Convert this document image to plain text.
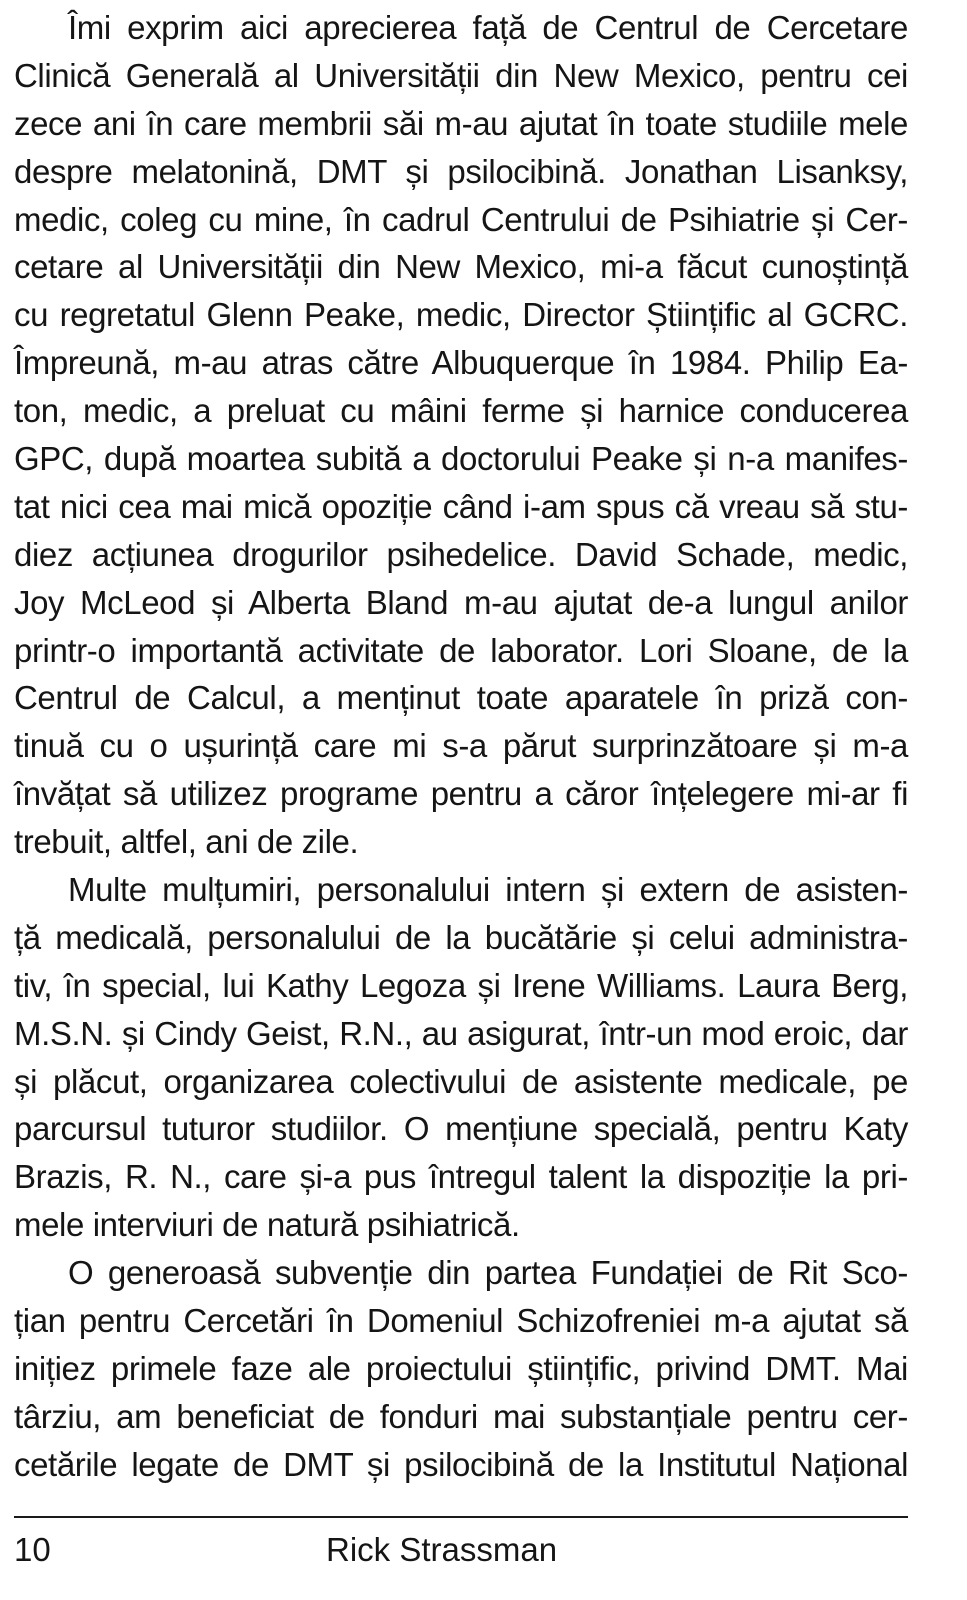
Îmi exprim aici aprecierea față de Centrul de Cercetare
Clinică Generală al Universității din New Mexico, pentru cei
zece ani în care membrii săi m-au ajutat în toate studiile mele
despre melatonină, DMT și psilocibină. Jonathan Lisanksy,
medic, coleg cu mine, în cadrul Centrului de Psihiatrie și Cer-
cetare al Universității din New Mexico, mi-a făcut cunoștință
cu regretatul Glenn Peake, medic, Director Științific al GCRC.
Împreună, m-au atras către Albuquerque în 1984. Philip Ea-
ton, medic, a preluat cu mâini ferme și harnice conducerea
GPC, după moartea subită a doctorului Peake și n-a manifes-
tat nici cea mai mică opoziție când i-am spus că vreau să stu-
diez acțiunea drogurilor psihedelice. David Schade, medic,
Joy McLeod și Alberta Bland m-au ajutat de-a lungul anilor
printr-o importantă activitate de laborator. Lori Sloane, de la
Centrul de Calcul, a menținut toate aparatele în priză con-
tinuă cu o ușurință care mi s-a părut surprinzătoare și m-a
învățat să utilizez programe pentru a căror înțelegere mi-ar fi
trebuit, altfel, ani de zile.
Multe mulțumiri, personalului intern și extern de asisten-
ță medicală, personalului de la bucătărie și celui administra-
tiv, în special, lui Kathy Legoza și Irene Williams. Laura Berg,
M.S.N. și Cindy Geist, R.N., au asigurat, într-un mod eroic, dar
și plăcut, organizarea colectivului de asistente medicale, pe
parcursul tuturor studiilor. O mențiune specială, pentru Katy
Brazis, R. N., care și-a pus întregul talent la dispoziție la pri-
mele interviuri de natură psihiatrică.
O generoasă subvenție din partea Fundației de Rit Sco-
țian pentru Cercetări în Domeniul Schizofreniei m-a ajutat să
inițiez primele faze ale proiectului științific, privind DMT. Mai
târziu, am beneficiat de fonduri mai substanțiale pentru cer-
cetările legate de DMT și psilocibină de la Institutul Național
10	Rick Strassman
